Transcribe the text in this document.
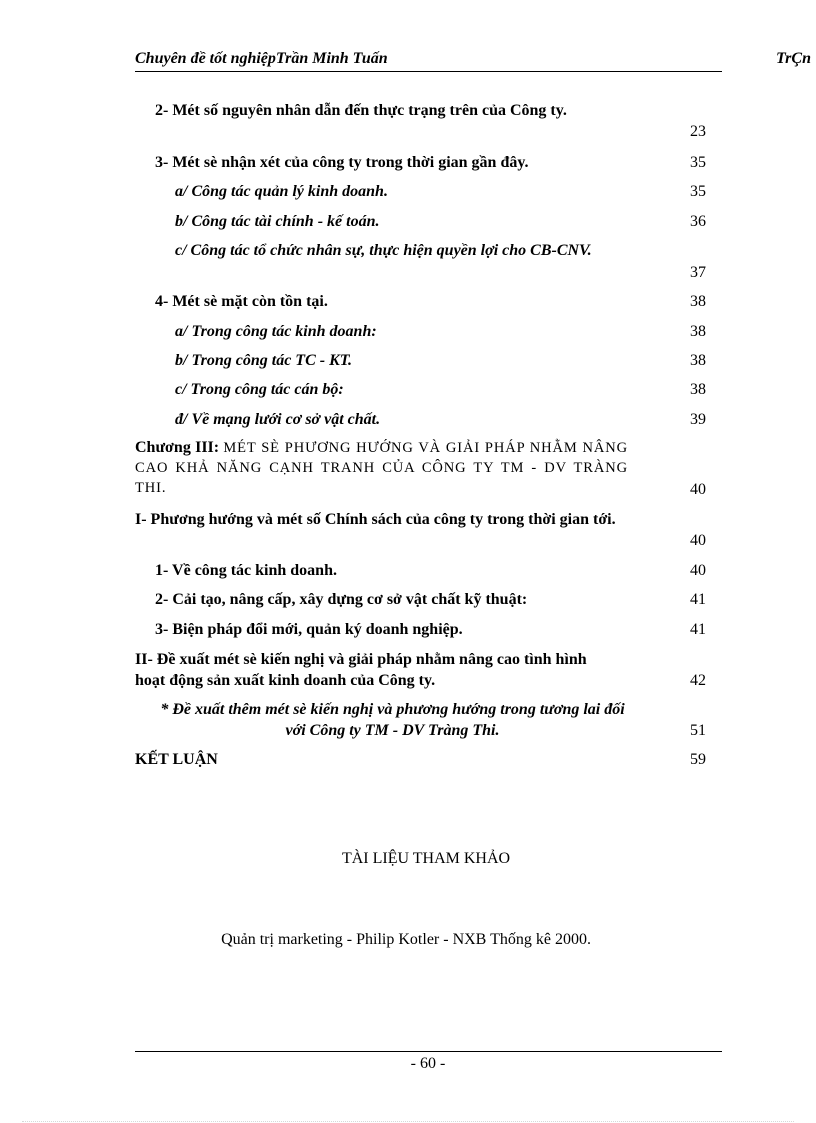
Chuyên đề tốt nghiệpTrần Minh Tuấn	TrÇn
2- Mét số nguyên nhân dẫn đến thực trạng trên của Công ty.
23
3- Mét sè nhận xét của công ty trong thời gian gần đây.	35
a/ Công tác quản lý kinh doanh.	35
b/ Công tác tài chính - kế toán.	36
c/ Công tác tổ chức nhân sự, thực hiện quyền lợi cho CB-CNV.
37
4- Mét sè mặt còn tồn tại.	38
a/ Trong công tác kinh doanh:	38
b/ Trong công tác TC - KT.	38
c/ Trong công tác cán bộ:	38
đ/ Về mạng lưới cơ sở vật chất.	39
Chương III: MÉT SÈ PHƯƠNG HƯỚNG VÀ GIẢI PHÁP NHẰM NÂNG CAO KHẢ NĂNG CẠNH TRANH CỦA CÔNG TY TM - DV TRÀNG THI.	40
I- Phương hướng và mét số Chính sách của công ty trong thời gian tới.
40
1- Về công tác kinh doanh.	40
2- Cải tạo, nâng cấp, xây dựng cơ sở vật chất kỹ thuật:	41
3- Biện pháp đổi mới, quản ký doanh nghiệp.	41
II- Đề xuất mét sè kiến nghị và giải pháp nhằm nâng cao tình hình hoạt động sản xuất kinh doanh của Công ty.	42
* Đề xuất thêm mét sè kiến nghị và phương hướng trong tương lai đối với Công ty TM - DV Tràng Thi.	51
KẾT LUẬN	59
TÀI LIỆU THAM KHẢO
Quản trị marketing - Philip Kotler - NXB Thống kê 2000.
- 60 -
